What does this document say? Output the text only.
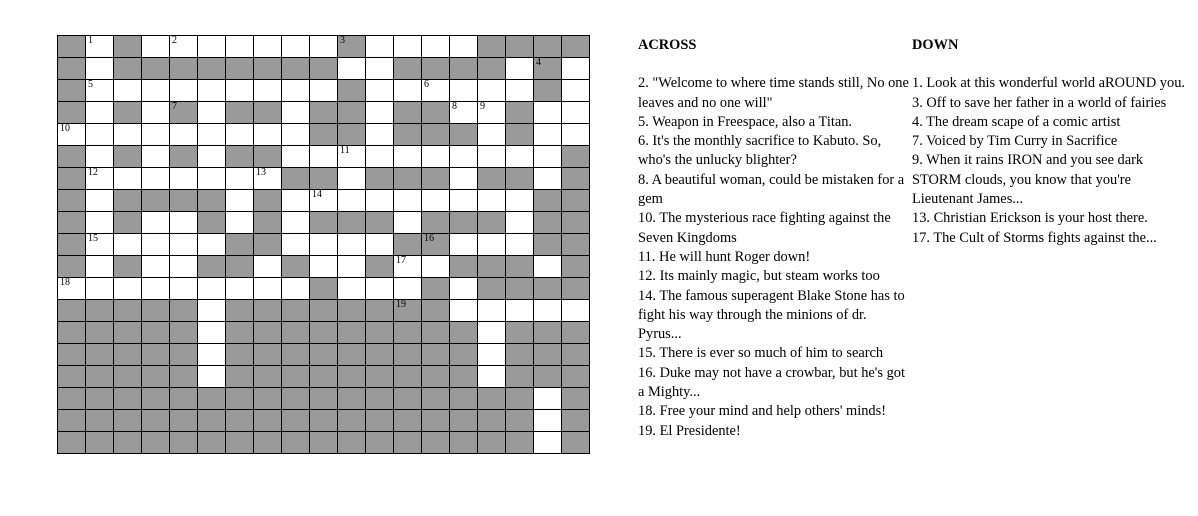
1	2	3
4
5	6
7	8 9
10
11
12	13
14
15	16
17
18
19
ACROSS
2. "Welcome to where time stands still, No one leaves and no one will"
5. Weapon in Freespace, also a Titan.
6. It's the monthly sacrifice to Kabuto. So, who's the unlucky blighter?
8. A beautiful woman, could be mistaken for a gem
10. The mysterious race fighting against the Seven Kingdoms
11. He will hunt Roger down!
12. Its mainly magic, but steam works too
14. The famous superagent Blake Stone has to fight his way through the minions of dr. Pyrus...
15. There is ever so much of him to search
16. Duke may not have a crowbar, but he's got a Mighty...
18. Free your mind and help others' minds!
19. El Presidente!
DOWN
1. Look at this wonderful world aROUND you.
3. Off to save her father in a world of fairies
4. The dream scape of a comic artist
7. Voiced by Tim Curry in Sacrifice
9. When it rains IRON and you see dark STORM clouds, you know that you're Lieutenant James...
13. Christian Erickson is your host there.
17. The Cult of Storms fights against the...
